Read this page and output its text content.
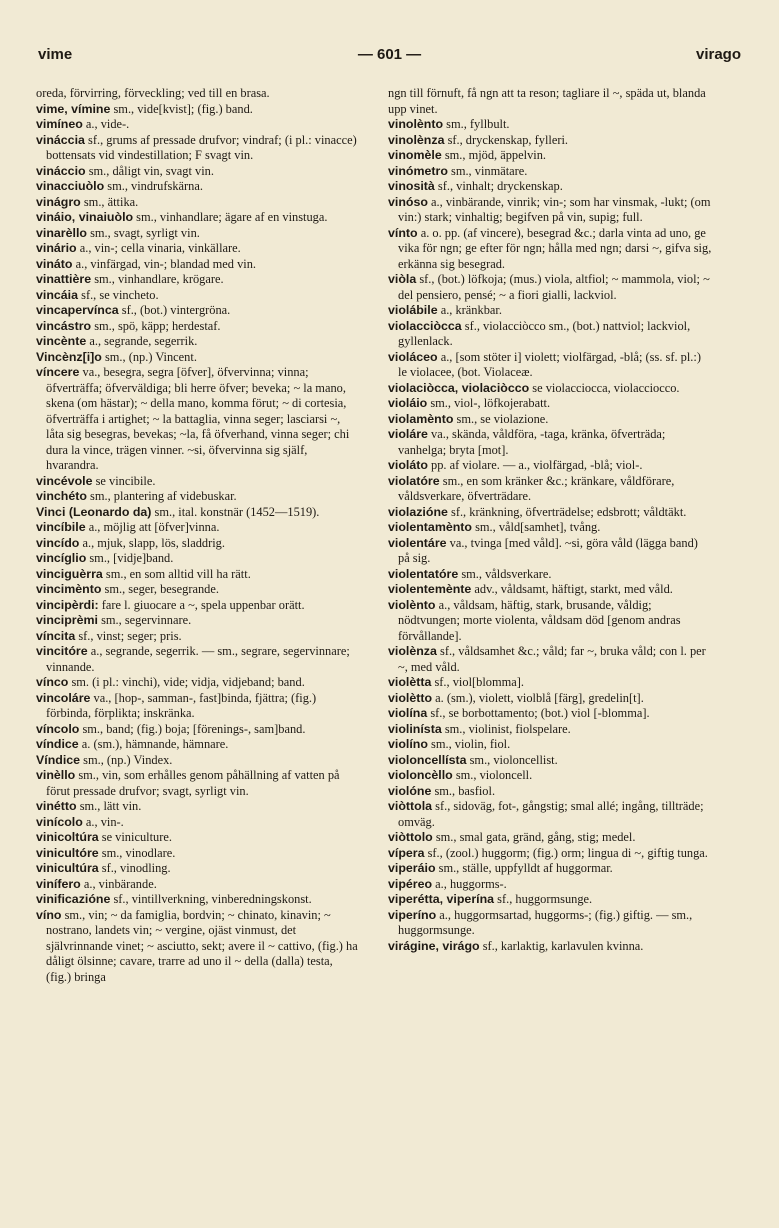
vime	— 601 —	virago

oreda, förvirring, förveckling; ved till en brasa.

vime, vímine sm., vide[kvist]; (fig.) band.

vimíneo a., vide-.

vináccia sf., grums af pressade drufvor; vindraf; (i pl.: vinacce) bottensats vid vindestillation; F svagt vin.

vináccio sm., dåligt vin, svagt vin.

vinacciuòlo sm., vindrufskärna.

vinágro sm., ättika.

vináio, vinaiuòlo sm., vinhandlare; ägare af en vinstuga.

vinarèllo sm., svagt, syrligt vin.

vinário a., vin-; cella vinaria, vinkällare.

vináto a., vinfärgad, vin-; blandad med vin.

vinattière sm., vinhandlare, krögare.

vincáia sf., se vincheto.

vincapervínca sf., (bot.) vintergröna.

vincástro sm., spö, käpp; herdestaf.

vincènte a., segrande, segerrik.

Vincènz[i]o sm., (np.) Vincent.

víncere va., besegra, segra [öfver], öfvervinna; vinna; öfverträffa; öfverväldiga; bli herre öfver; beveka; ~ la mano, skena (om hästar); ~ della mano, komma förut; ~ di cortesia, öfverträffa i artighet; ~ la battaglia, vinna seger; lasciarsi ~, låta sig besegras, bevekas; ~la, få öfverhand, vinna seger; chi dura la vince, trägen vinner. ~si, öfvervinna sig själf, hvarandra.

vincévole se vincibile.

vinchéto sm., plantering af videbuskar.

Vinci (Leonardo da) sm., ital. konstnär (1452—1519).

vincíbile a., möjlig att [öfver]vinna.

vincído a., mjuk, slapp, lös, sladdrig.

vincíglio sm., [vidje]band.

vinciguèrra sm., en som alltid vill ha rätt.

vincimènto sm., seger, besegrande.

vincipèrdi: fare l. giuocare a ~, spela uppenbar orätt.

vinciprèmi sm., segervinnare.

víncita sf., vinst; seger; pris.

vincitóre a., segrande, segerrik. — sm., segrare, segervinnare; vinnande.

vínco sm. (i pl.: vinchi), vide; vidja, vidjeband; band.

vincoláre va., [hop-, samman-, fast]binda, fjättra; (fig.) förbinda, förplikta; inskränka.

víncolo sm., band; (fig.) boja; [förenings-, sam]band.

víndice a. (sm.), hämnande, hämnare.

Víndice sm., (np.) Vindex.

vinèllo sm., vin, som erhålles genom påhällning af vatten på förut pressade drufvor; svagt, syrligt vin.

vinétto sm., lätt vin.

vinícolo a., vin-.

vinicoltúra se viniculture.

vinicultóre sm., vinodlare.

vinicultúra sf., vinodling.

vinífero a., vinbärande.

vinificazióne sf., vintillverkning, vinberedningskonst.

víno sm., vin; ~ da famiglia, bordvin; ~ chinato, kinavin; ~ nostrano, landets vin; ~ vergine, ojäst vinmust, det självrinnande vinet; ~ asciutto, sekt; avere il ~ cattivo, (fig.) ha dåligt ölsinne; cavare, trarre ad uno il ~ della (dalla) testa, (fig.) bringa

ngn till förnuft, få ngn att ta reson; tagliare il ~, späda ut, blanda upp vinet.

vinolènto sm., fyllbult.

vinolènza sf., dryckenskap, fylleri.

vinomèle sm., mjöd, äppelvin.

vinómetro sm., vinmätare.

vinosità sf., vinhalt; dryckenskap.

vinóso a., vinbärande, vinrik; vin-; som har vinsmak, -lukt; (om vin:) stark; vinhaltig; begifven på vin, supig; full.

vínto a. o. pp. (af vincere), besegrad &c.; darla vinta ad uno, ge vika för ngn; ge efter för ngn; hålla med ngn; darsi ~, gifva sig, erkänna sig besegrad.

viòla sf., (bot.) löfkoja; (mus.) viola, altfiol; ~ mammola, viol; ~ del pensiero, pensé; ~ a fiori gialli, lackviol.

violábile a., kränkbar.

violacciòcca sf., violacciòcco sm., (bot.) nattviol; lackviol, gyllenlack.

violáceo a., [som stöter i] violett; violfärgad, -blå; (ss. sf. pl.:) le violacee, (bot. Violaceæ.

violaciòcca, violaciòcco se violacciocca, violacciocco.

violáio sm., viol-, löfkojerabatt.

violamènto sm., se violazione.

violáre va., skända, våldföra, -taga, kränka, öfverträda; vanhelga; bryta [mot].

violáto pp. af violare. — a., violfärgad, -blå; viol-.

violatóre sm., en som kränker &c.; kränkare, våldförare, våldsverkare, öfverträdare.

violazióne sf., kränkning, öfverträdelse; edsbrott; våldtäkt.

violentamènto sm., våld[samhet], tvång.

violentáre va., tvinga [med våld]. ~si, göra våld (lägga band) på sig.

violentatóre sm., våldsverkare.

violentemènte adv., våldsamt, häftigt, starkt, med våld.

violènto a., våldsam, häftig, stark, brusande, våldig; nödtvungen; morte violenta, våldsam död [genom andras förvållande].

violènza sf., våldsamhet &c.; våld; far ~, bruka våld; con l. per ~, med våld.

violètta sf., viol[blomma].

violètto a. (sm.), violett, violblå [färg], gredelin[t].

violína sf., se borbottamento; (bot.) viol [-blomma].

violinísta sm., violinist, fiolspelare.

violíno sm., violin, fiol.

violoncellísta sm., violoncellist.

violoncèllo sm., violoncell.

violóne sm., basfiol.

viòttola sf., sidoväg, fot-, gångstig; smal allé; ingång, tillträde; omväg.

viòttolo sm., smal gata, gränd, gång, stig; medel.

vípera sf., (zool.) huggorm; (fig.) orm; lingua di ~, giftig tunga.

viperáio sm., ställe, uppfylldt af huggormar.

vipéreo a., huggorms-.

viperétta, viperína sf., huggormsunge.

viperíno a., huggormsartad, huggorms-; (fig.) giftig. — sm., huggormsunge.

virágine, virágo sf., karlaktig, karlavulen kvinna.
